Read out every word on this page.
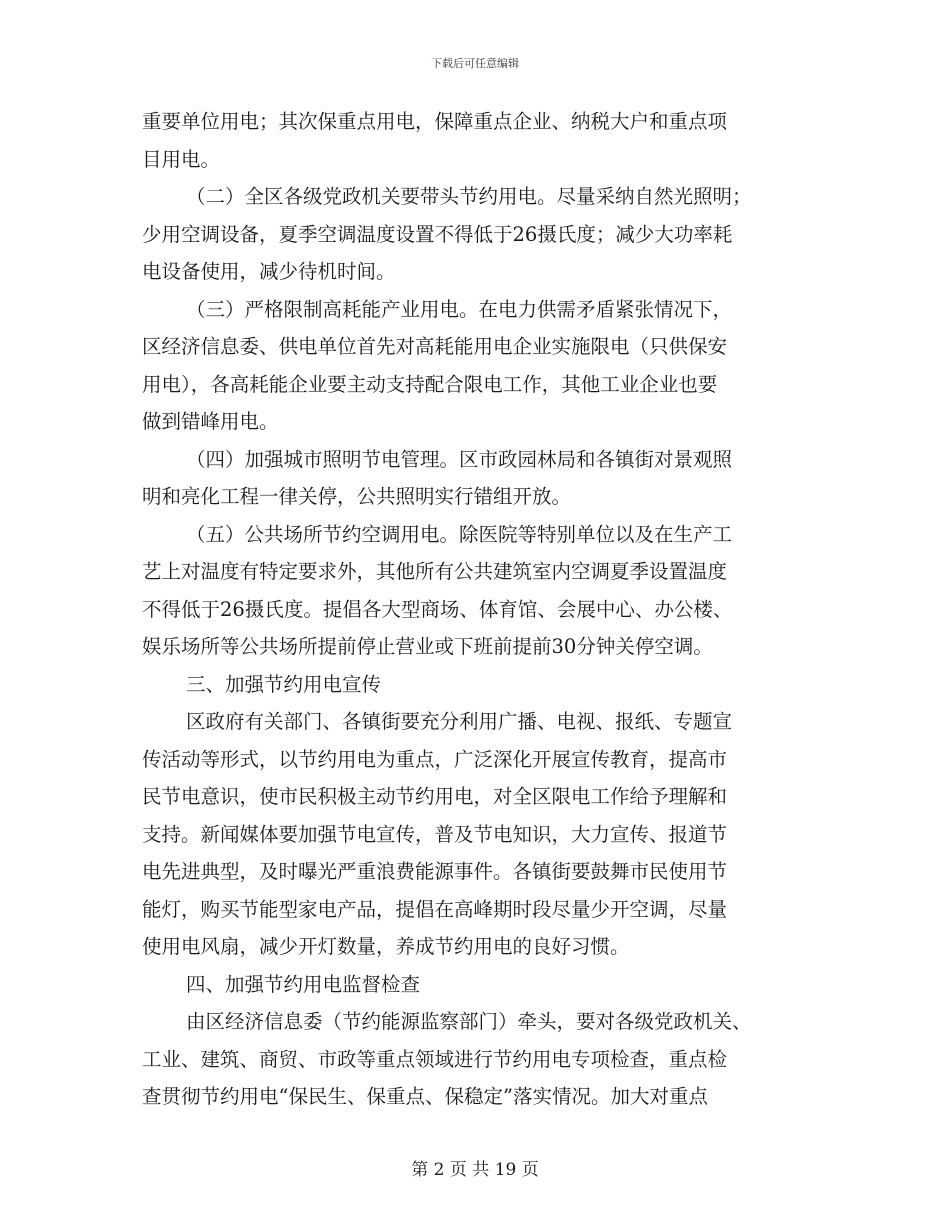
下载后可任意编辑
重要单位用电；其次保重点用电，保障重点企业、纳税大户和重点项
目用电。
（二）全区各级党政机关要带头节约用电。尽量采纳自然光照明；
少用空调设备，夏季空调温度设置不得低于26摄氏度；减少大功率耗
电设备使用，减少待机时间。
（三）严格限制高耗能产业用电。在电力供需矛盾紧张情况下，
区经济信息委、供电单位首先对高耗能用电企业实施限电（只供保安
用电），各高耗能企业要主动支持配合限电工作，其他工业企业也要
做到错峰用电。
（四）加强城市照明节电管理。区市政园林局和各镇街对景观照
明和亮化工程一律关停，公共照明实行错组开放。
（五）公共场所节约空调用电。除医院等特别单位以及在生产工
艺上对温度有特定要求外，其他所有公共建筑室内空调夏季设置温度
不得低于26摄氏度。提倡各大型商场、体育馆、会展中心、办公楼、
娱乐场所等公共场所提前停止营业或下班前提前30分钟关停空调。
三、加强节约用电宣传
区政府有关部门、各镇街要充分利用广播、电视、报纸、专题宣
传活动等形式，以节约用电为重点，广泛深化开展宣传教育，提高市
民节电意识，使市民积极主动节约用电，对全区限电工作给予理解和
支持。新闻媒体要加强节电宣传，普及节电知识，大力宣传、报道节
电先进典型，及时曝光严重浪费能源事件。各镇街要鼓舞市民使用节
能灯，购买节能型家电产品，提倡在高峰期时段尽量少开空调，尽量
使用电风扇，减少开灯数量，养成节约用电的良好习惯。
四、加强节约用电监督检查
由区经济信息委（节约能源监察部门）牵头，要对各级党政机关、
工业、建筑、商贸、市政等重点领域进行节约用电专项检查，重点检
查贯彻节约用电“保民生、保重点、保稳定”落实情况。加大对重点
第 2 页 共 19 页
